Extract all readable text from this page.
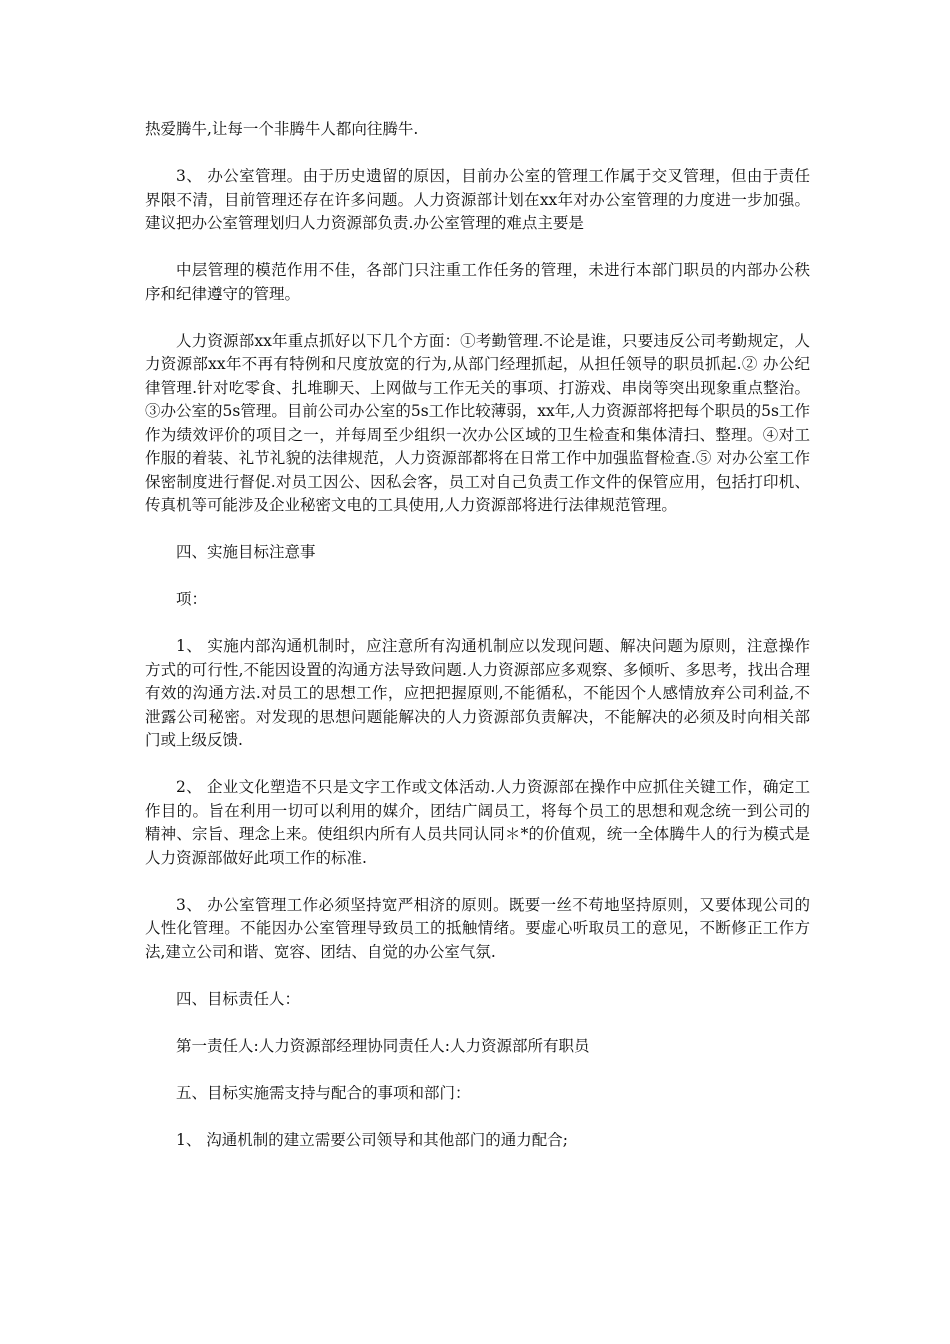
热爱腾牛,让每一个非腾牛人都向往腾牛.

3、 办公室管理。由于历史遗留的原因，目前办公室的管理工作属于交叉管理，但由于责任界限不清，目前管理还存在许多问题。人力资源部计划在xx年对办公室管理的力度进一步加强。建议把办公室管理划归人力资源部负责.办公室管理的难点主要是

中层管理的模范作用不佳，各部门只注重工作任务的管理，未进行本部门职员的内部办公秩序和纪律遵守的管理。

人力资源部xx年重点抓好以下几个方面：①考勤管理.不论是谁，只要违反公司考勤规定，人力资源部xx年不再有特例和尺度放宽的行为,从部门经理抓起，从担任领导的职员抓起.② 办公纪律管理.针对吃零食、扎堆聊天、上网做与工作无关的事项、打游戏、串岗等突出现象重点整治。③办公室的5s管理。目前公司办公室的5s工作比较薄弱，xx年,人力资源部将把每个职员的5s工作作为绩效评价的项目之一，并每周至少组织一次办公区域的卫生检查和集体清扫、整理。④对工作服的着装、礼节礼貌的法律规范，人力资源部都将在日常工作中加强监督检查.⑤ 对办公室工作保密制度进行督促.对员工因公、因私会客，员工对自己负责工作文件的保管应用，包括打印机、传真机等可能涉及企业秘密文电的工具使用,人力资源部将进行法律规范管理。

四、实施目标注意事

项：

1、 实施内部沟通机制时，应注意所有沟通机制应以发现问题、解决问题为原则，注意操作方式的可行性,不能因设置的沟通方法导致问题.人力资源部应多观察、多倾听、多思考，找出合理有效的沟通方法.对员工的思想工作，应把把握原则,不能循私，不能因个人感情放弃公司利益,不泄露公司秘密。对发现的思想问题能解决的人力资源部负责解决，不能解决的必须及时向相关部门或上级反馈.

2、 企业文化塑造不只是文字工作或文体活动.人力资源部在操作中应抓住关键工作，确定工作目的。旨在利用一切可以利用的媒介，团结广阔员工，将每个员工的思想和观念统一到公司的精神、宗旨、理念上来。使组织内所有人员共同认同＊*的价值观，统一全体腾牛人的行为模式是人力资源部做好此项工作的标准.

3、 办公室管理工作必须坚持宽严相济的原则。既要一丝不苟地坚持原则，又要体现公司的人性化管理。不能因办公室管理导致员工的抵触情绪。要虚心听取员工的意见，不断修正工作方法,建立公司和谐、宽容、团结、自觉的办公室气氛.

四、目标责任人：

第一责任人:人力资源部经理协同责任人:人力资源部所有职员

五、目标实施需支持与配合的事项和部门：

1、 沟通机制的建立需要公司领导和其他部门的通力配合;
